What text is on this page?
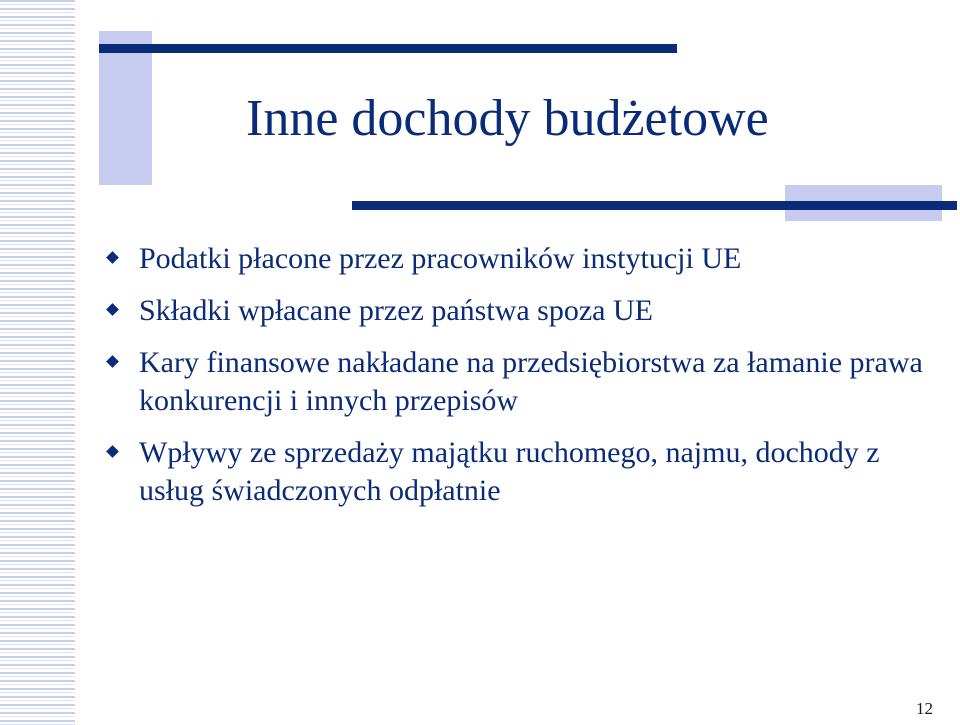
Inne dochody budżetowe
Podatki płacone przez pracowników instytucji UE
Składki wpłacane przez państwa spoza UE
Kary finansowe nakładane na przedsiębiorstwa za łamanie prawa konkurencji i innych przepisów
Wpływy ze sprzedaży majątku ruchomego, najmu, dochody z usług świadczonych odpłatnie
12
